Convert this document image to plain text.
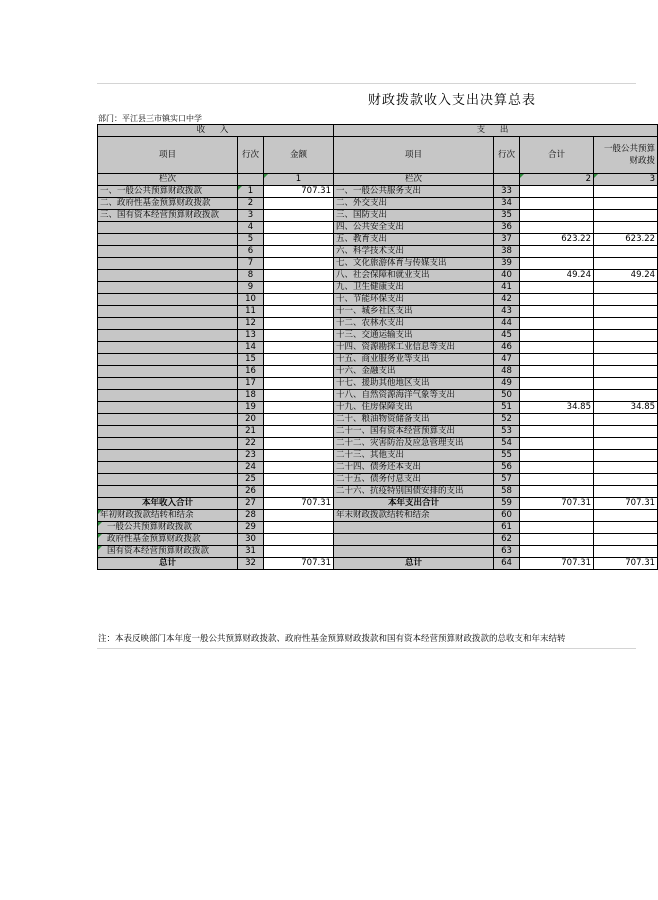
财政拨款收入支出决算总表
部门：平江县三市镇实口中学
收 入			支 出			
项目	行次	金额	项目	行次	合计	一般公共预算财政拨
栏次		1	栏次		2	3
一、一般公共预算财政拨款	1	707.31	一、一般公共服务支出	33		
二、政府性基金预算财政拨款	2		二、外交支出	34		
三、国有资本经营预算财政拨款	3		三、国防支出	35		
	4		四、公共安全支出	36		
	5		五、教育支出	37	623.22	623.22
	6		六、科学技术支出	38		
	7		七、文化旅游体育与传媒支出	39		
	8		八、社会保障和就业支出	40	49.24	49.24
	9		九、卫生健康支出	41		
	10		十、节能环保支出	42		
	11		十一、城乡社区支出	43		
	12		十二、农林水支出	44		
	13		十三、交通运输支出	45		
	14		十四、资源勘探工业信息等支出	46		
	15		十五、商业服务业等支出	47		
	16		十六、金融支出	48		
	17		十七、援助其他地区支出	49		
	18		十八、自然资源海洋气象等支出	50		
	19		十九、住房保障支出	51	34.85	34.85
	20		二十、粮油物资储备支出	52		
	21		二十一、国有资本经营预算支出	53		
	22		二十二、灾害防治及应急管理支出	54		
	23		二十三、其他支出	55		
	24		二十四、债务还本支出	56		
	25		二十五、债务付息支出	57		
	26		二十六、抗疫特别国债安排的支出	58		
本年收入合计	27	707.31	本年支出合计	59	707.31	707.31
年初财政拨款结转和结余	28		年末财政拨款结转和结余	60		
一般公共预算财政拨款	29			61		
政府性基金预算财政拨款	30			62		
国有资本经营预算财政拨款	31			63		
总计	32	707.31	总计	64	707.31	707.31
注：本表反映部门本年度一般公共预算财政拨款、政府性基金预算财政拨款和国有资本经营预算财政拨款的总收支和年末结转
